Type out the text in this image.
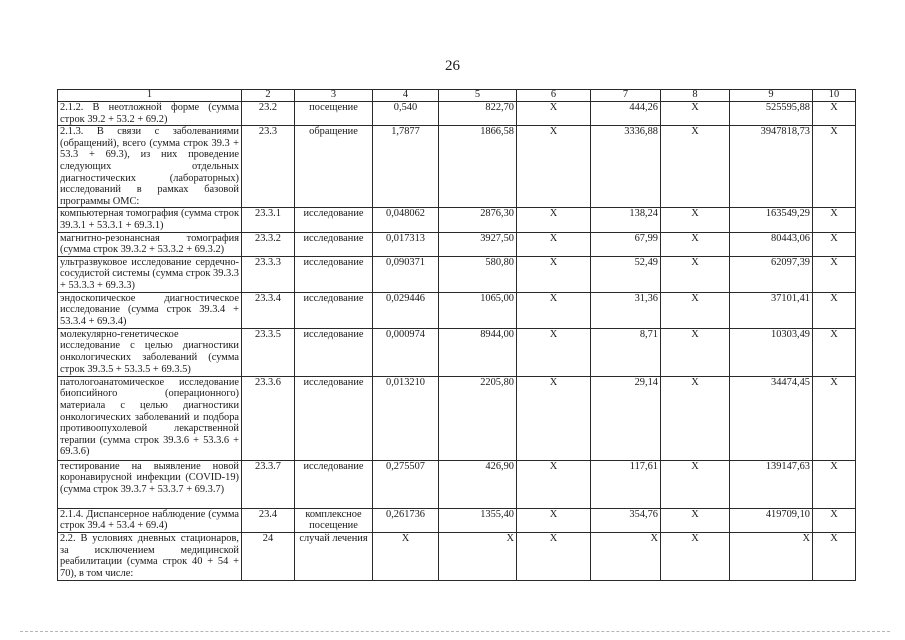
26
1	2	3	4	5	6	7	8	9	10
2.1.2. В неотложной форме (сумма строк 39.2 + 53.2 + 69.2)	23.2	посещение	0,540	822,70	X	444,26	X	525595,88	X
2.1.3. В связи с заболеваниями (обращений), всего (сумма строк 39.3 + 53.3 + 69.3), из них проведение следующих отдельных диагностических (лабораторных) исследований в рамках базовой программы ОМС:	23.3	обращение	1,7877	1866,58	X	3336,88	X	3947818,73	X
компьютерная томография (сумма строк 39.3.1 + 53.3.1 + 69.3.1)	23.3.1	исследование	0,048062	2876,30	X	138,24	X	163549,29	X
магнитно-резонансная томография (сумма строк 39.3.2 + 53.3.2 + 69.3.2)	23.3.2	исследование	0,017313	3927,50	X	67,99	X	80443,06	X
ультразвуковое исследование сердечно-сосудистой системы (сумма строк 39.3.3 + 53.3.3 + 69.3.3)	23.3.3	исследование	0,090371	580,80	X	52,49	X	62097,39	X
эндоскопическое диагностическое исследование (сумма строк 39.3.4 + 53.3.4 + 69.3.4)	23.3.4	исследование	0,029446	1065,00	X	31,36	X	37101,41	X
молекулярно-генетическое исследование с целью диагностики онкологических заболеваний (сумма строк 39.3.5 + 53.3.5 + 69.3.5)	23.3.5	исследование	0,000974	8944,00	X	8,71	X	10303,49	X
патологоанатомическое исследование биопсийного (операционного) материала с целью диагностики онкологических заболеваний и подбора противоопухолевой лекарственной терапии (сумма строк 39.3.6 + 53.3.6 + 69.3.6)	23.3.6	исследование	0,013210	2205,80	X	29,14	X	34474,45	X
тестирование на выявление новой коронавирусной инфекции (COVID-19) (сумма строк 39.3.7 + 53.3.7 + 69.3.7)	23.3.7	исследование	0,275507	426,90	X	117,61	X	139147,63	X
2.1.4. Диспансерное наблюдение (сумма строк 39.4 + 53.4 + 69.4)	23.4	комплексное посещение	0,261736	1355,40	X	354,76	X	419709,10	X
2.2. В условиях дневных стационаров, за исключением медицинской реабилитации (сумма строк 40 + 54 + 70), в том числе:	24	случай лечения	X	X	X	X	X	X	X
